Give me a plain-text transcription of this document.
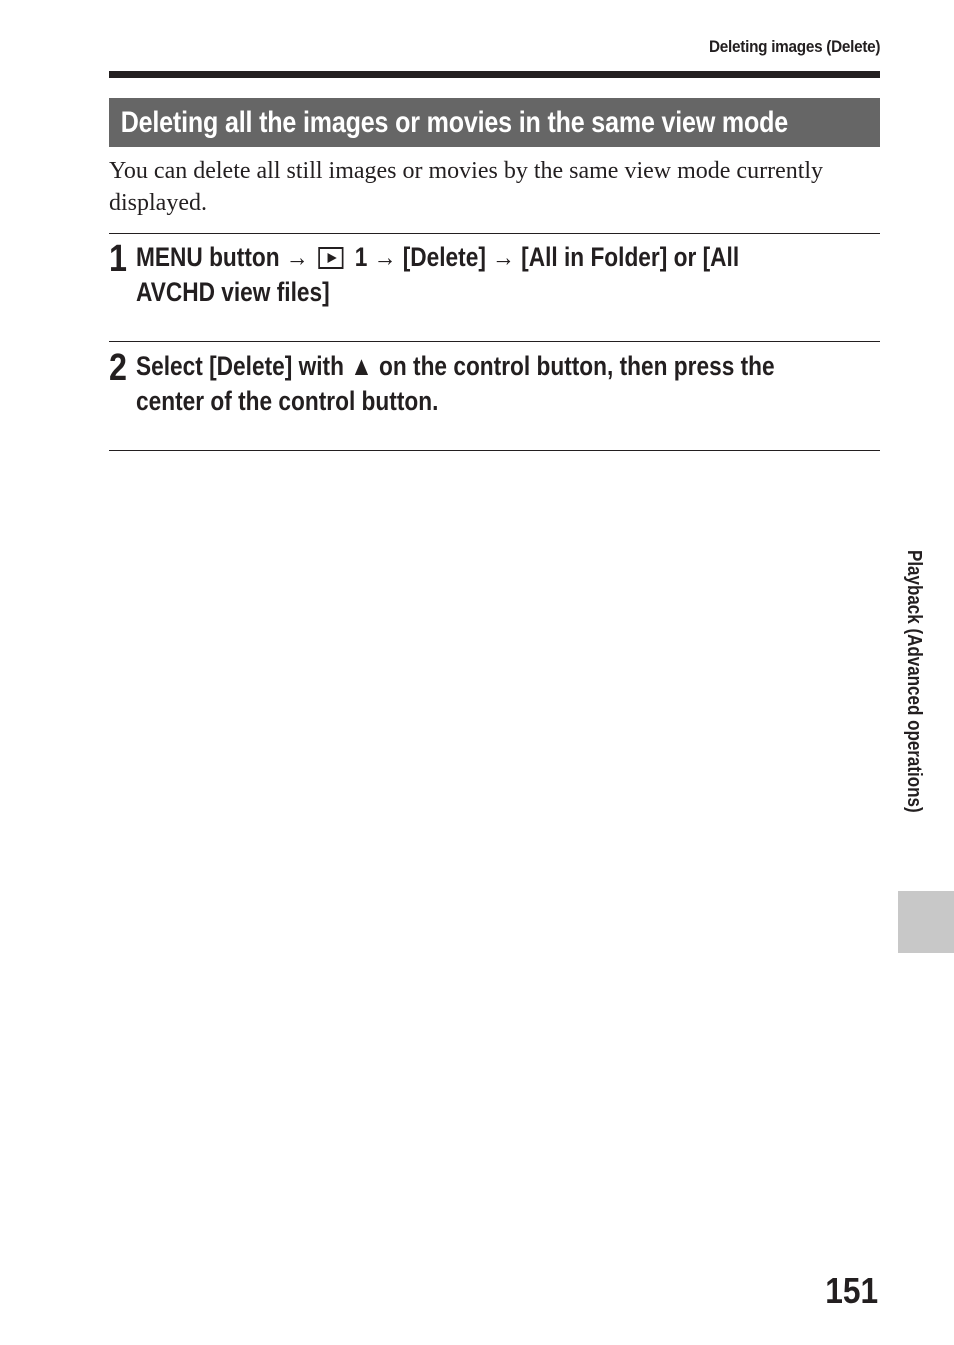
Deleting images (Delete)
Deleting all the images or movies in the same view mode

You can delete all still images or movies by the same view mode currently displayed.

1 MENU button →  1 → [Delete] → [All in Folder] or [All AVCHD view files]

2 Select [Delete] with ▲ on the control button, then press the center of the control button.

Playback (Advanced operations)
151
